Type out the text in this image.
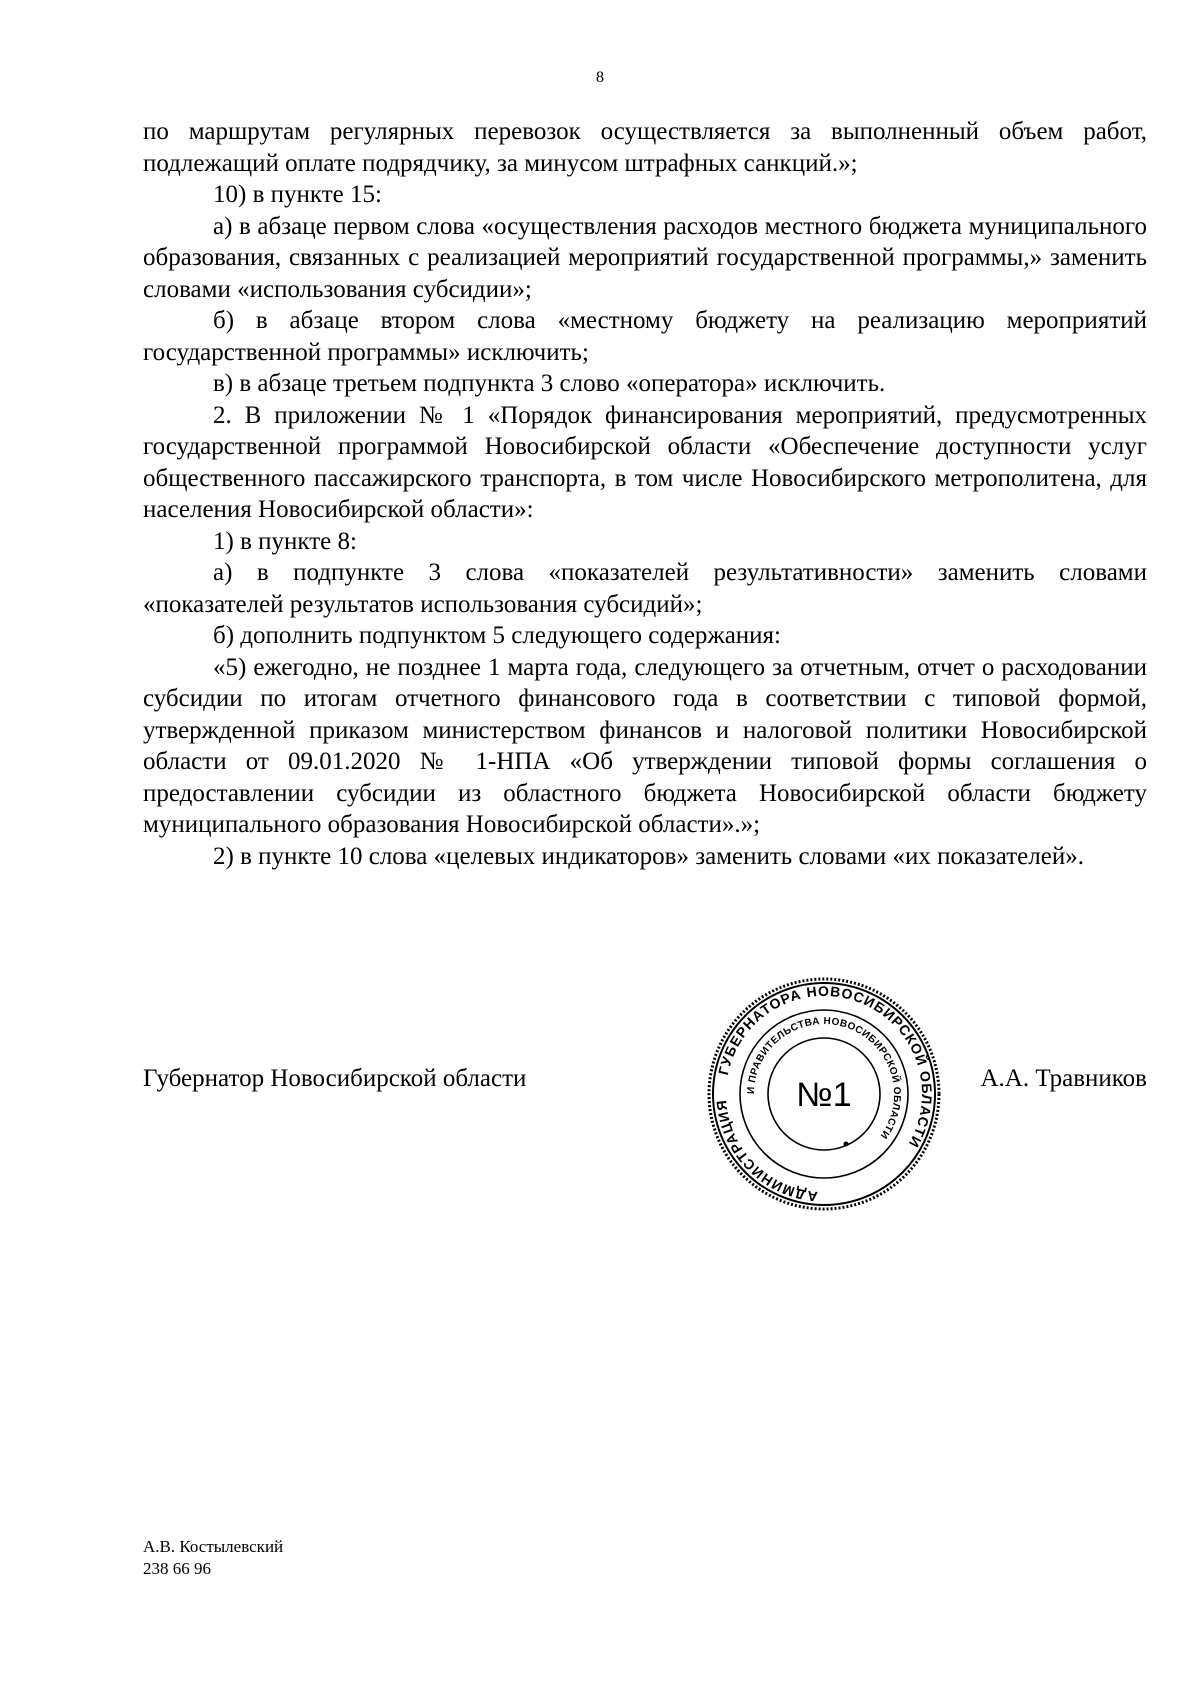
8

по маршрутам регулярных перевозок осуществляется за выполненный объем работ, подлежащий оплате подрядчику, за минусом штрафных санкций.»;

10) в пункте 15:

а) в абзаце первом слова «осуществления расходов местного бюджета муниципального образования, связанных с реализацией мероприятий государственной программы,» заменить словами «использования субсидии»;

б) в абзаце втором слова «местному бюджету на реализацию мероприятий государственной программы» исключить;

в) в абзаце третьем подпункта 3 слово «оператора» исключить.

2. В приложении № 1 «Порядок финансирования мероприятий, предусмотренных государственной программой Новосибирской области «Обеспечение доступности услуг общественного пассажирского транспорта, в том числе Новосибирского метрополитена, для населения Новосибирской области»:

1) в пункте 8:

а) в подпункте 3 слова «показателей результативности» заменить словами «показателей результатов использования субсидий»;

б) дополнить подпунктом 5 следующего содержания:

«5) ежегодно, не позднее 1 марта года, следующего за отчетным, отчет о расходовании субсидии по итогам отчетного финансового года в соответствии с типовой формой, утвержденной приказом министерством финансов и налоговой политики Новосибирской области от 09.01.2020 № 1-НПА «Об утверждении типовой формы соглашения о предоставлении субсидии из областного бюджета Новосибирской области бюджету муниципального образования Новосибирской области».»;

2) в пункте 10 слова «целевых индикаторов» заменить словами «их показателей».

Губернатор Новосибирской области	А.А. Травников
ГУБЕРНАТОРА НОВОСИБИРСКОЙ ОБЛАСТИ
АДМИНИСТРАЦИЯ
И ПРАВИТЕЛЬСТВА НОВОСИБИРСКОЙ ОБЛАСТИ
№1
А.В. Костылевский
238 66 96
